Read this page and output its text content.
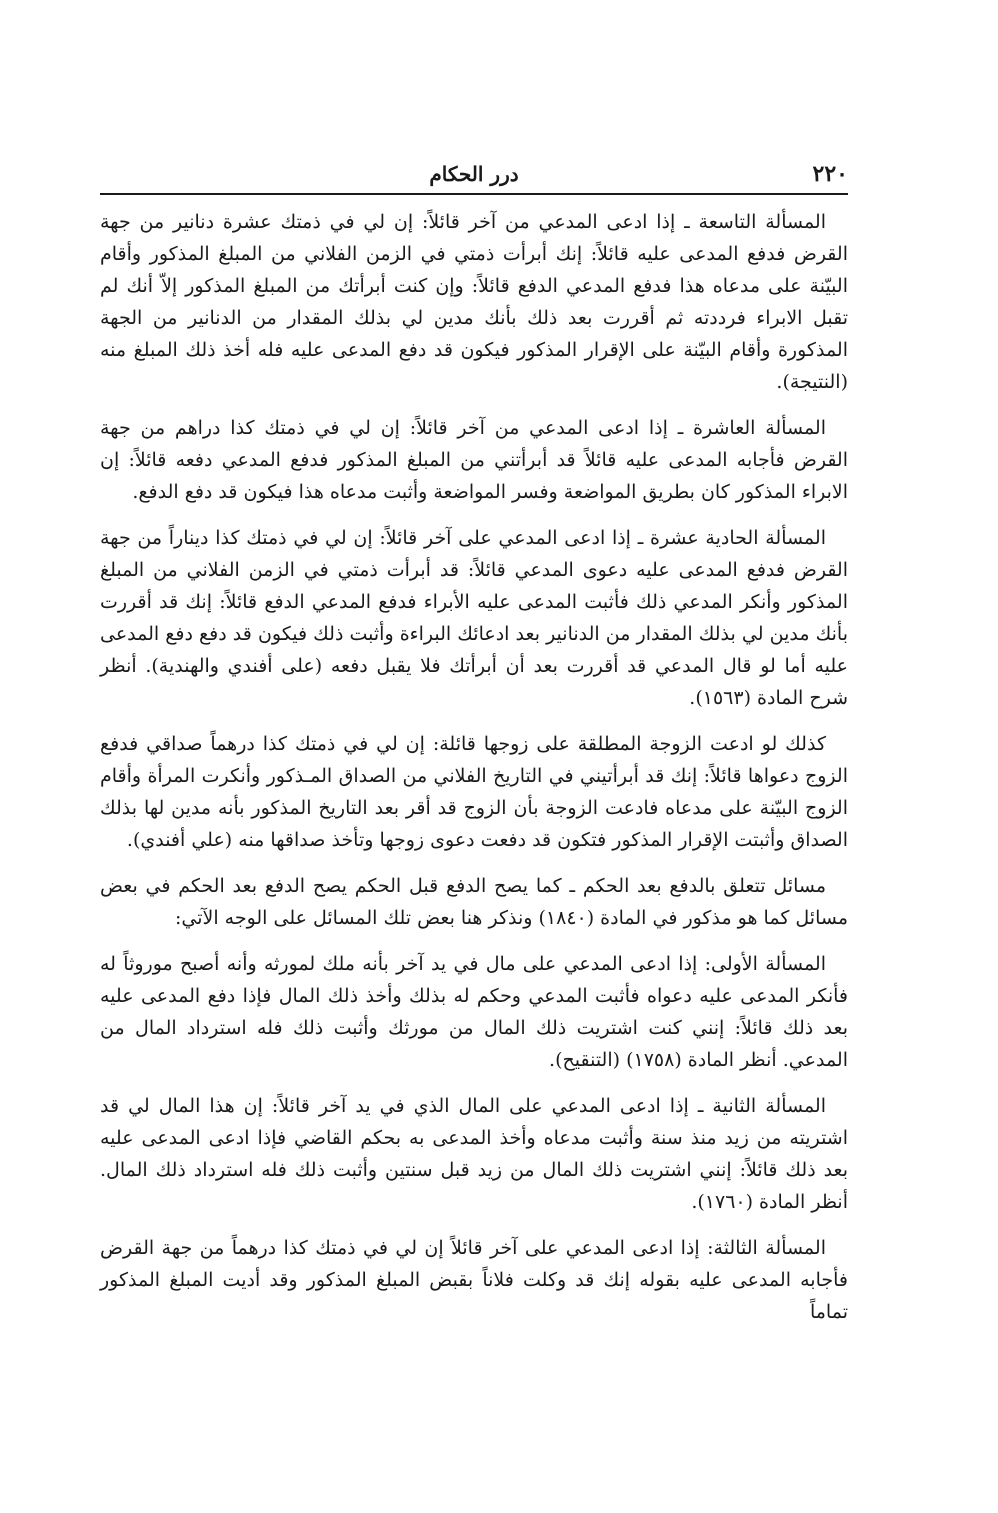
٢٢٠
درر الحكام

المسألة التاسعة ـ إذا ادعى المدعي من آخر قائلاً: إن لي في ذمتك عشرة دنانير من جهة القرض فدفع المدعى عليه قائلاً: إنك أبرأت ذمتي في الزمن الفلاني من المبلغ المذكور وأقام البيّنة على مدعاه هذا فدفع المدعي الدفع قائلاً: وإن كنت أبرأتك من المبلغ المذكور إلاّ أنك لم تقبل الابراء فرددته ثم أقررت بعد ذلك بأنك مدين لي بذلك المقدار من الدنانير من الجهة المذكورة وأقام البيّنة على الإقرار المذكور فيكون قد دفع المدعى عليه فله أخذ ذلك المبلغ منه (النتيجة).

المسألة العاشرة ـ إذا ادعى المدعي من آخر قائلاً: إن لي في ذمتك كذا دراهم من جهة القرض فأجابه المدعى عليه قائلاً قد أبرأتني من المبلغ المذكور فدفع المدعي دفعه قائلاً: إن الابراء المذكور كان بطريق المواضعة وفسر المواضعة وأثبت مدعاه هذا فيكون قد دفع الدفع.

المسألة الحادية عشرة ـ إذا ادعى المدعي على آخر قائلاً: إن لي في ذمتك كذا ديناراً من جهة القرض فدفع المدعى عليه دعوى المدعي قائلاً: قد أبرأت ذمتي في الزمن الفلاني من المبلغ المذكور وأنكر المدعي ذلك فأثبت المدعى عليه الأبراء فدفع المدعي الدفع قائلاً: إنك قد أقررت بأنك مدين لي بذلك المقدار من الدنانير بعد ادعائك البراءة وأثبت ذلك فيكون قد دفع دفع المدعى عليه أما لو قال المدعي قد أقررت بعد أن أبرأتك فلا يقبل دفعه (على أفندي والهندية). أنظر شرح المادة (١٥٦٣).

كذلك لو ادعت الزوجة المطلقة على زوجها قائلة: إن لي في ذمتك كذا درهماً صداقي فدفع الزوج دعواها قائلاً: إنك قد أبرأتيني في التاريخ الفلاني من الصداق المـذكور وأنكرت المرأة وأقام الزوج البيّنة على مدعاه فادعت الزوجة بأن الزوج قد أقر بعد التاريخ المذكور بأنه مدين لها بذلك الصداق وأثبتت الإقرار المذكور فتكون قد دفعت دعوى زوجها وتأخذ صداقها منه (علي أفندي).

مسائل تتعلق بالدفع بعد الحكم ـ كما يصح الدفع قبل الحكم يصح الدفع بعد الحكم في بعض مسائل كما هو مذكور في المادة (١٨٤٠) ونذكر هنا بعض تلك المسائل على الوجه الآتي:

المسألة الأولى: إذا ادعى المدعي على مال في يد آخر بأنه ملك لمورثه وأنه أصبح موروثاً له فأنكر المدعى عليه دعواه فأثبت المدعي وحكم له بذلك وأخذ ذلك المال فإذا دفع المدعى عليه بعد ذلك قائلاً: إنني كنت اشتريت ذلك المال من مورثك وأثبت ذلك فله استرداد المال من المدعي. أنظر المادة (١٧٥٨) (التنقيح).

المسألة الثانية ـ إذا ادعى المدعي على المال الذي في يد آخر قائلاً: إن هذا المال لي قد اشتريته من زيد منذ سنة وأثبت مدعاه وأخذ المدعى به بحكم القاضي فإذا ادعى المدعى عليه بعد ذلك قائلاً: إنني اشتريت ذلك المال من زيد قبل سنتين وأثبت ذلك فله استرداد ذلك المال. أنظر المادة (١٧٦٠).

المسألة الثالثة: إذا ادعى المدعي على آخر قائلاً إن لي في ذمتك كذا درهماً من جهة القرض فأجابه المدعى عليه بقوله إنك قد وكلت فلاناً بقبض المبلغ المذكور وقد أديت المبلغ المذكور تماماً
